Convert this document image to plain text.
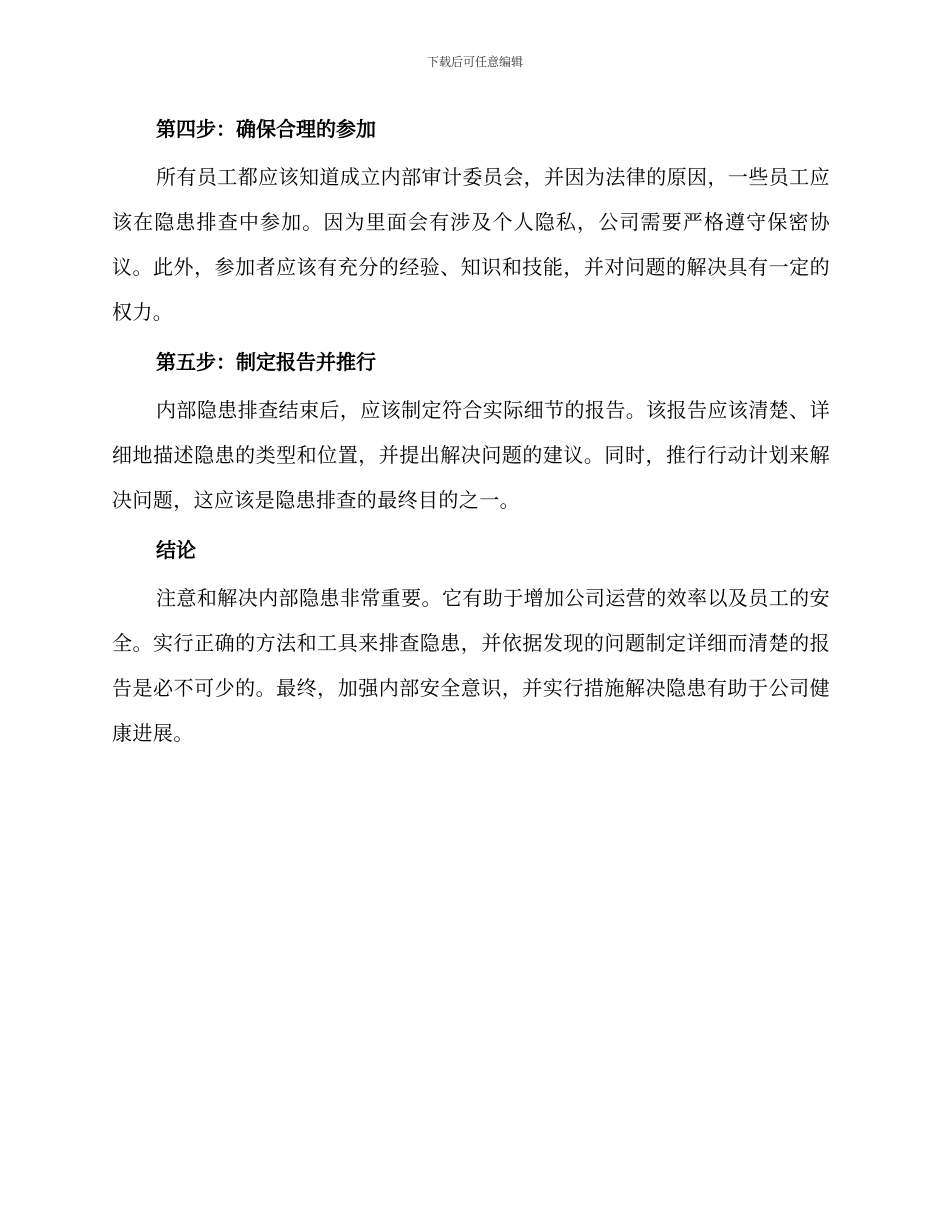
下载后可任意编辑
第四步：确保合理的参加

所有员工都应该知道成立内部审计委员会，并因为法律的原因，一些员工应该在隐患排查中参加。因为里面会有涉及个人隐私，公司需要严格遵守保密协议。此外，参加者应该有充分的经验、知识和技能，并对问题的解决具有一定的权力。

第五步：制定报告并推行

内部隐患排查结束后，应该制定符合实际细节的报告。该报告应该清楚、详细地描述隐患的类型和位置，并提出解决问题的建议。同时，推行行动计划来解决问题，这应该是隐患排查的最终目的之一。

结论

注意和解决内部隐患非常重要。它有助于增加公司运营的效率以及员工的安全。实行正确的方法和工具来排查隐患，并依据发现的问题制定详细而清楚的报告是必不可少的。最终，加强内部安全意识，并实行措施解决隐患有助于公司健康进展。
